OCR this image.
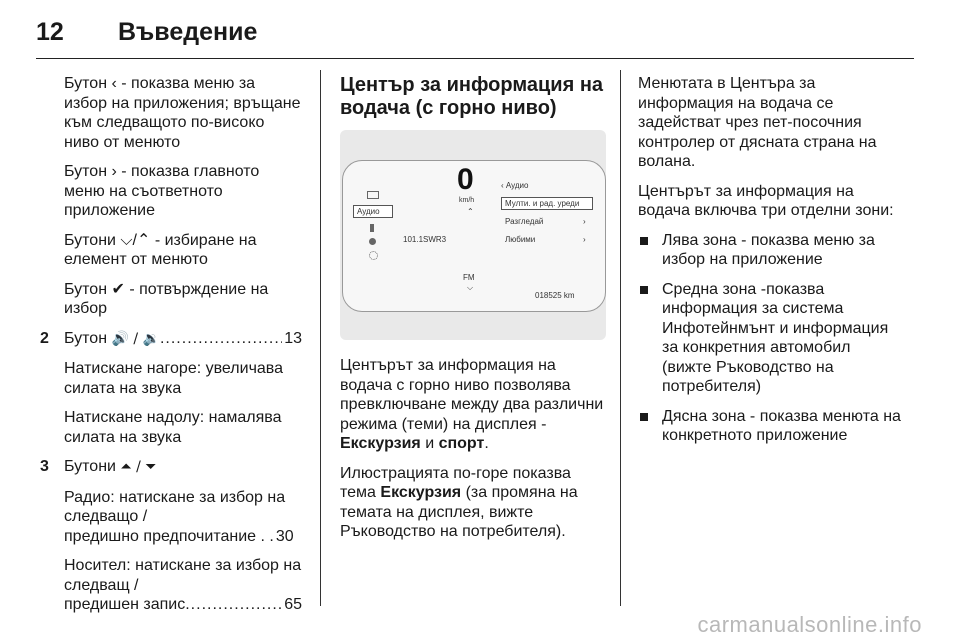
12	Въведение

Бутон ‹ - показва меню за избор на приложения; връщане към следващото по-високо ниво от менюто

Бутон › - показва главното меню на съответното приложение

Бутони ⌵/⌃ - избиране на елемент от менюто

Бутон ✔ - потвърждение на избор

2 Бутон 🔊 / 🔉 .....	13

Натискане нагоре: увеличава силата на звука

Натискане надолу: намалява силата на звука

3 Бутони ⏶ / ⏷
Радио: натискане за избор на следващо /
предишно предпочитание . . 30
Носител: натискане за избор на следващ /
предишен запис .....	65
Център за информация на водача (с горно ниво)
Аудио
0
km/h
⌃
101.1SWR3
FM
⌵
‹ Аудио
Мулти. и рад. уреди
Разгледай	›
Любими	›
018525 km

Центърът за информация на водача с горно ниво позволява превключване между два различни режима (теми) на дисплея - Екскурзия и спорт.

Илюстрацията по-горе показва тема Екскурзия (за промяна на темата на дисплея, вижте Ръководство на потребителя).

Менютата в Центъра за информация на водача се задействат чрез пет-посочния контролер от дясната страна на волана.

Центърът за информация на водача включва три отделни зони:

Лява зона - показва меню за избор на приложение
Средна зона -показва информация за система Инфотейнмънт и информация за конкретния автомобил (вижте Ръководство на потребителя)
Дясна зона - показва менюта на конкретното приложение
carmanualsonline.info
